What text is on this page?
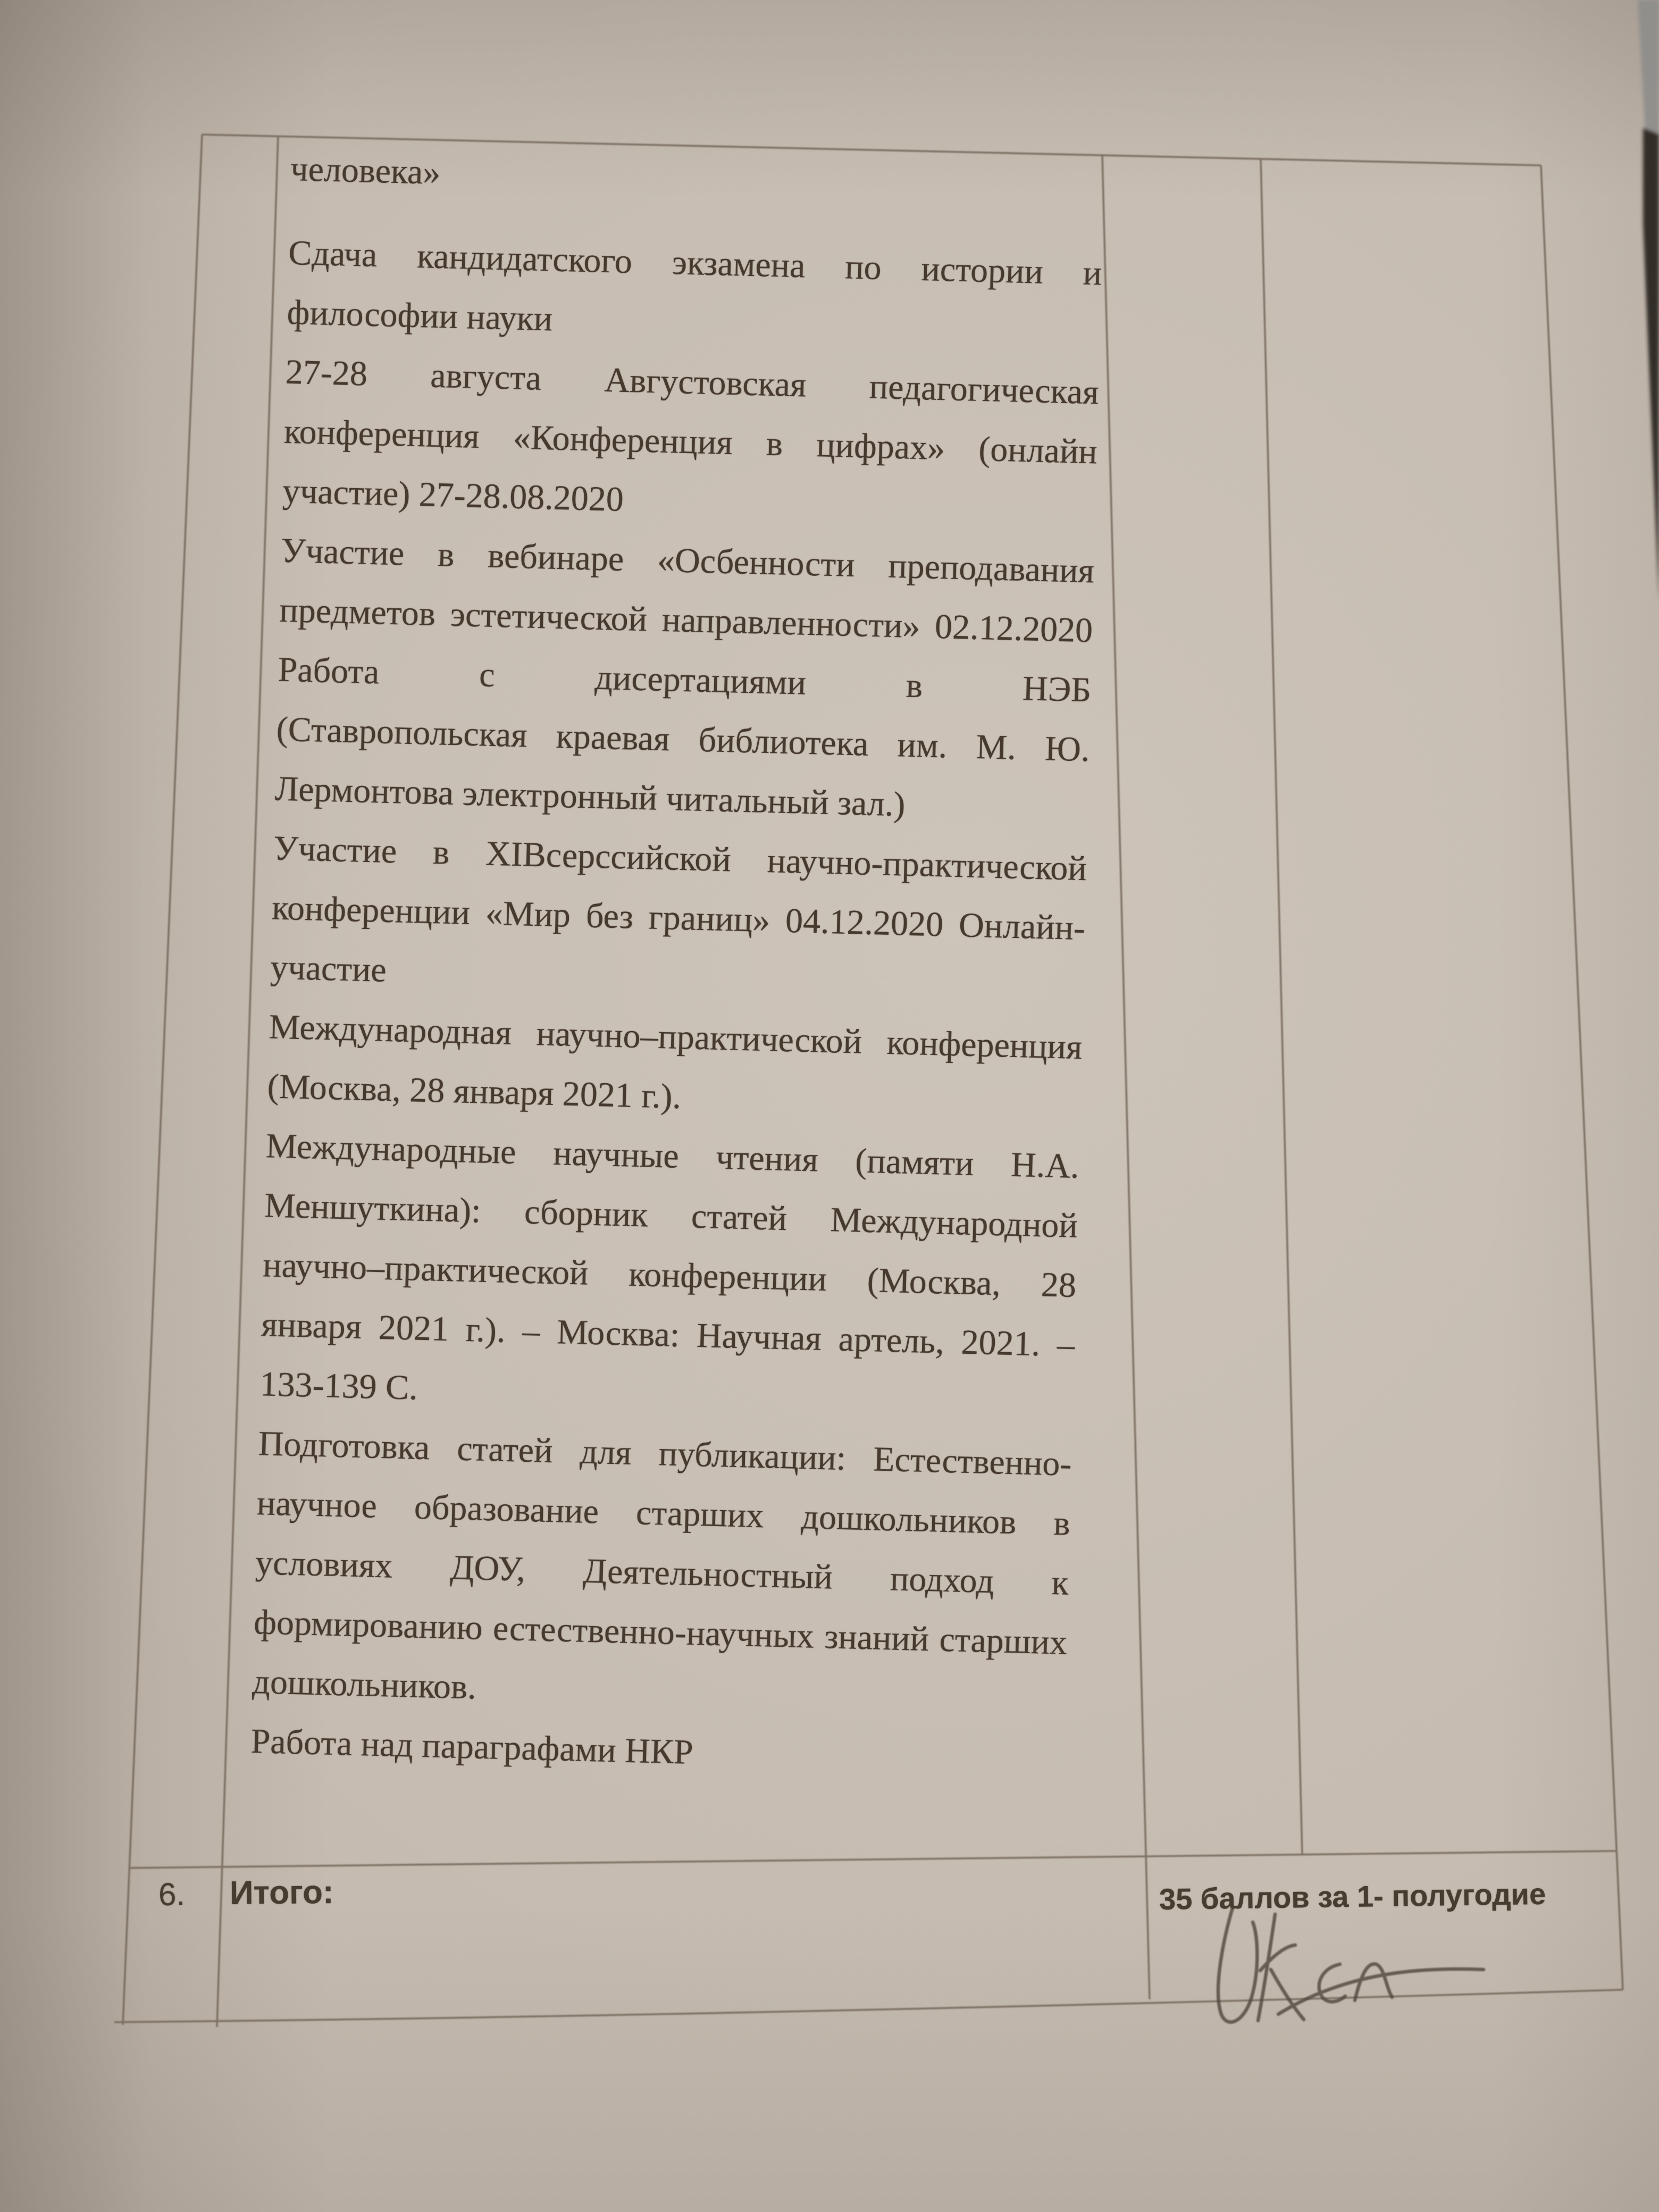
человека»
Сдача кандидатского экзамена по истории и
философии науки
27-28 августа Августовская педагогическая
конференция «Конференция в цифрах» (онлайн
участие) 27-28.08.2020
Участие в вебинаре «Осбенности преподавания
предметов эстетической направленности» 02.12.2020
Работа	с	дисертациями	в	НЭБ
(Ставропольская краевая библиотека им. М. Ю.
Лермонтова электронный читальный зал.)
Участие в XIВсерссийской научно-практической
конференции «Мир без границ» 04.12.2020 Онлайн-
участие
Международная научно–практической конференция
(Москва, 28 января 2021 г.).
Международные научные чтения (памяти Н.А.
Меншуткина): сборник статей Международной
научно–практической конференции (Москва, 28
января 2021 г.). – Москва: Научная артель, 2021. –
133-139 С.
Подготовка статей для публикации: Естественно-
научное образование старших дошкольников в
условиях ДОУ, Деятельностный подход к
формированию естественно-научных знаний старших
дошкольников.
Работа над параграфами НКР
6. Итого:	35 баллов за 1- полугодие
